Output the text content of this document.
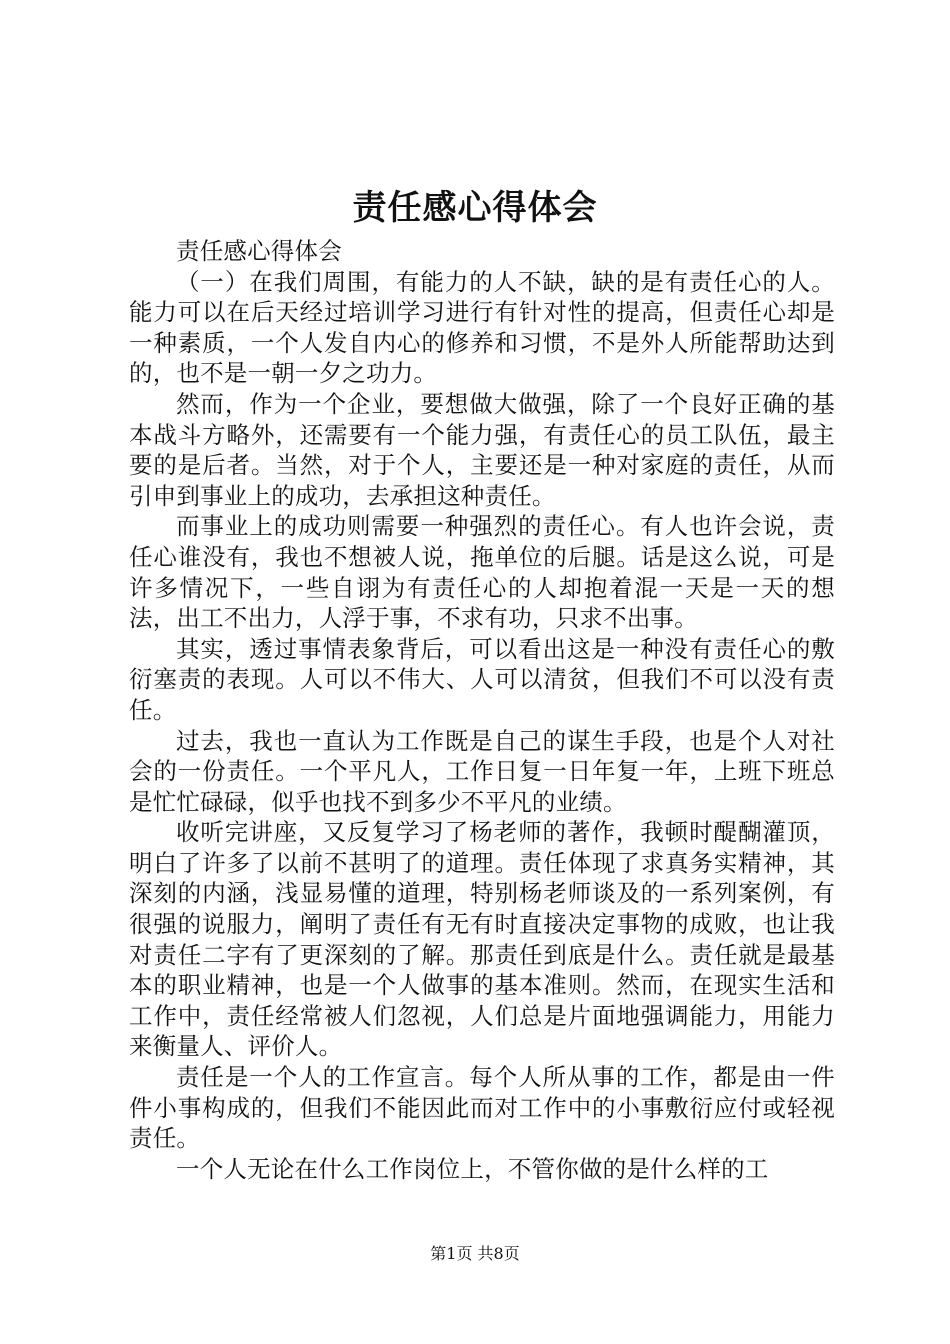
责任感心得体会

责任感心得体会

（一）在我们周围，有能力的人不缺，缺的是有责任心的人。能力可以在后天经过培训学习进行有针对性的提高，但责任心却是一种素质，一个人发自内心的修养和习惯，不是外人所能帮助达到的，也不是一朝一夕之功力。

然而，作为一个企业，要想做大做强，除了一个良好正确的基本战斗方略外，还需要有一个能力强，有责任心的员工队伍，最主要的是后者。当然，对于个人，主要还是一种对家庭的责任，从而引申到事业上的成功，去承担这种责任。

而事业上的成功则需要一种强烈的责任心。有人也许会说，责任心谁没有，我也不想被人说，拖单位的后腿。话是这么说，可是许多情况下，一些自诩为有责任心的人却抱着混一天是一天的想法，出工不出力，人浮于事，不求有功，只求不出事。

其实，透过事情表象背后，可以看出这是一种没有责任心的敷衍塞责的表现。人可以不伟大、人可以清贫，但我们不可以没有责任。

过去，我也一直认为工作既是自己的谋生手段，也是个人对社会的一份责任。一个平凡人，工作日复一日年复一年，上班下班总是忙忙碌碌，似乎也找不到多少不平凡的业绩。

收听完讲座，又反复学习了杨老师的著作，我顿时醍醐灌顶，明白了许多了以前不甚明了的道理。责任体现了求真务实精神，其深刻的内涵，浅显易懂的道理，特别杨老师谈及的一系列案例，有很强的说服力，阐明了责任有无有时直接决定事物的成败，也让我对责任二字有了更深刻的了解。那责任到底是什么。责任就是最基本的职业精神，也是一个人做事的基本准则。然而，在现实生活和工作中，责任经常被人们忽视，人们总是片面地强调能力，用能力来衡量人、评价人。

责任是一个人的工作宣言。每个人所从事的工作，都是由一件件小事构成的，但我们不能因此而对工作中的小事敷衍应付或轻视责任。

一个人无论在什么工作岗位上，不管你做的是什么样的工

第1页 共8页
